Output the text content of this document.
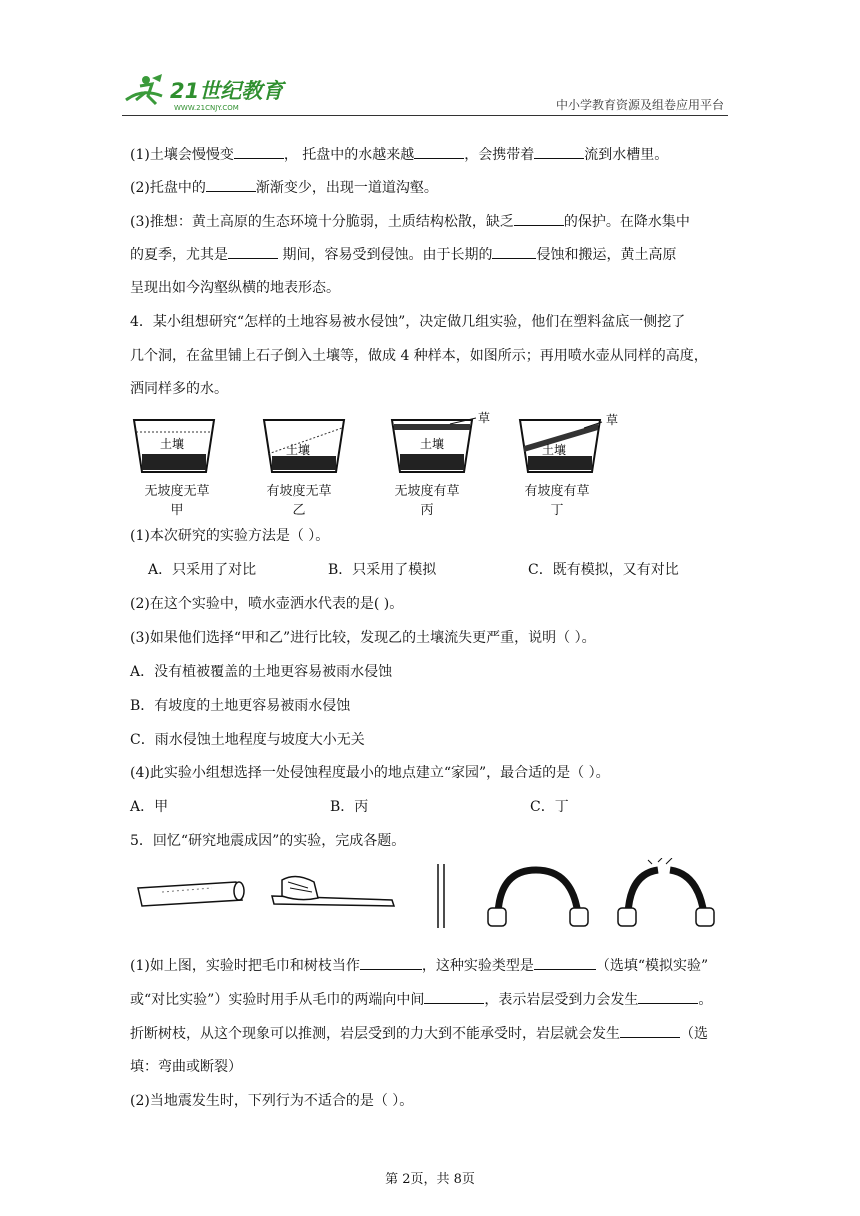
21世纪教育
WWW.21CNJY.COM	中小学教育资源及组卷应用平台
(1)土壤会慢慢变	， 托盘中的水越来越	，会携带着	流到水槽里。
(2)托盘中的	渐渐变少，出现一道道沟壑。
(3)推想：黄土高原的生态环境十分脆弱，土质结构松散，缺乏	的保护。在降水集中
的夏季，尤其是	期间，容易受到侵蚀。由于长期的	侵蚀和搬运，黄土高原
呈现出如今沟壑纵横的地表形态。
4．某小组想研究“怎样的土地容易被水侵蚀”，决定做几组实验，他们在塑料盆底一侧挖了
几个洞，在盆里铺上石子倒入土壤等，做成 4 种样本，如图所示；再用喷水壶从同样的高度，
洒同样多的水。
土壤	土壤	土壤
草
土壤
草
无坡度无草
甲
有坡度无草
乙
无坡度有草
丙
有坡度有草
丁
(1)本次研究的实验方法是（ ）。
A．只采用了对比	B．只采用了模拟	C．既有模拟，又有对比
(2)在这个实验中，喷水壶洒水代表的是( )。
(3)如果他们选择“甲和乙”进行比较，发现乙的土壤流失更严重，说明（ ）。
A．没有植被覆盖的土地更容易被雨水侵蚀
B．有坡度的土地更容易被雨水侵蚀
C．雨水侵蚀土地程度与坡度大小无关
(4)此实验小组想选择一处侵蚀程度最小的地点建立“家园”，最合适的是（ ）。
A．甲	B．丙	C．丁
5．回忆“研究地震成因”的实验，完成各题。
(1)如上图，实验时把毛巾和树枝当作	，这种实验类型是	（选填“模拟实验”
或“对比实验”）实验时用手从毛巾的两端向中间	，表示岩层受到力会发生	。
折断树枝，从这个现象可以推测，岩层受到的力大到不能承受时，岩层就会发生	（选
填：弯曲或断裂）
(2)当地震发生时，下列行为不适合的是（ ）。
第 2页，共 8页
